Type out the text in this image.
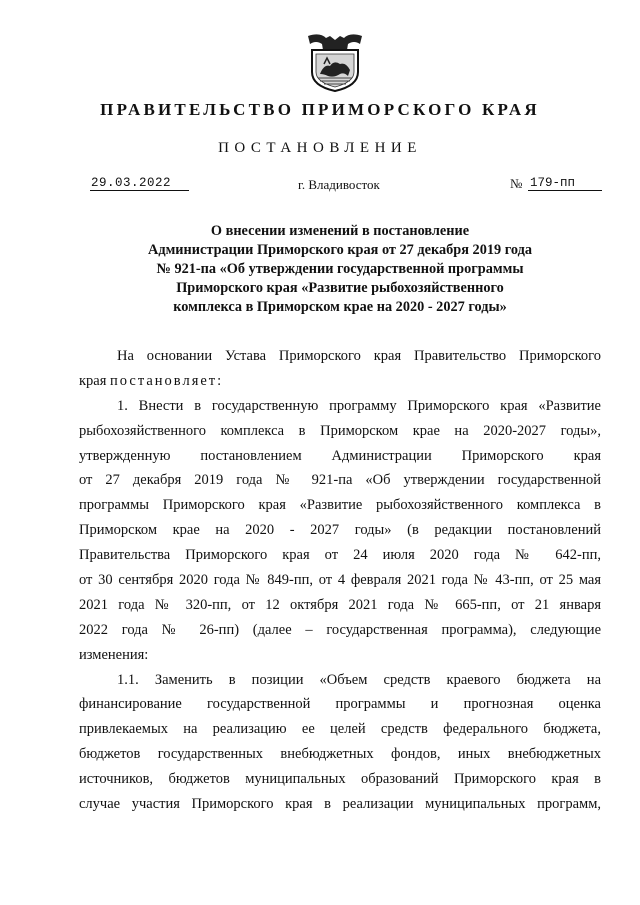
ПРАВИТЕЛЬСТВО ПРИМОРСКОГО КРАЯ
ПОСТАНОВЛЕНИЕ
29.03.2022	г. Владивосток	№ 179-пп
О внесении изменений в постановление
Администрации Приморского края от 27 декабря 2019 года
№ 921-па «Об утверждении государственной программы
Приморского края «Развитие рыбохозяйственного
комплекса в Приморском крае на 2020 - 2027 годы»
На основании Устава Приморского края Правительство Приморского
края постановляет:
1. Внести в государственную программу Приморского края «Развитие
рыбохозяйственного комплекса в Приморском крае на 2020-2027 годы»,
утвержденную постановлением Администрации Приморского края
от 27 декабря 2019 года № 921-па «Об утверждении государственной
программы Приморского края «Развитие рыбохозяйственного комплекса в
Приморском крае на 2020 - 2027 годы» (в редакции постановлений
Правительства Приморского края от 24 июля 2020 года № 642-пп,
от 30 сентября 2020 года № 849-пп, от 4 февраля 2021 года № 43-пп, от 25 мая
2021 года № 320-пп, от 12 октября 2021 года № 665-пп, от 21 января
2022 года № 26-пп) (далее – государственная программа), следующие
изменения:
1.1. Заменить в позиции «Объем средств краевого бюджета на
финансирование государственной программы и прогнозная оценка
привлекаемых на реализацию ее целей средств федерального бюджета,
бюджетов государственных внебюджетных фондов, иных внебюджетных
источников, бюджетов муниципальных образований Приморского края в
случае участия Приморского края в реализации муниципальных программ,
